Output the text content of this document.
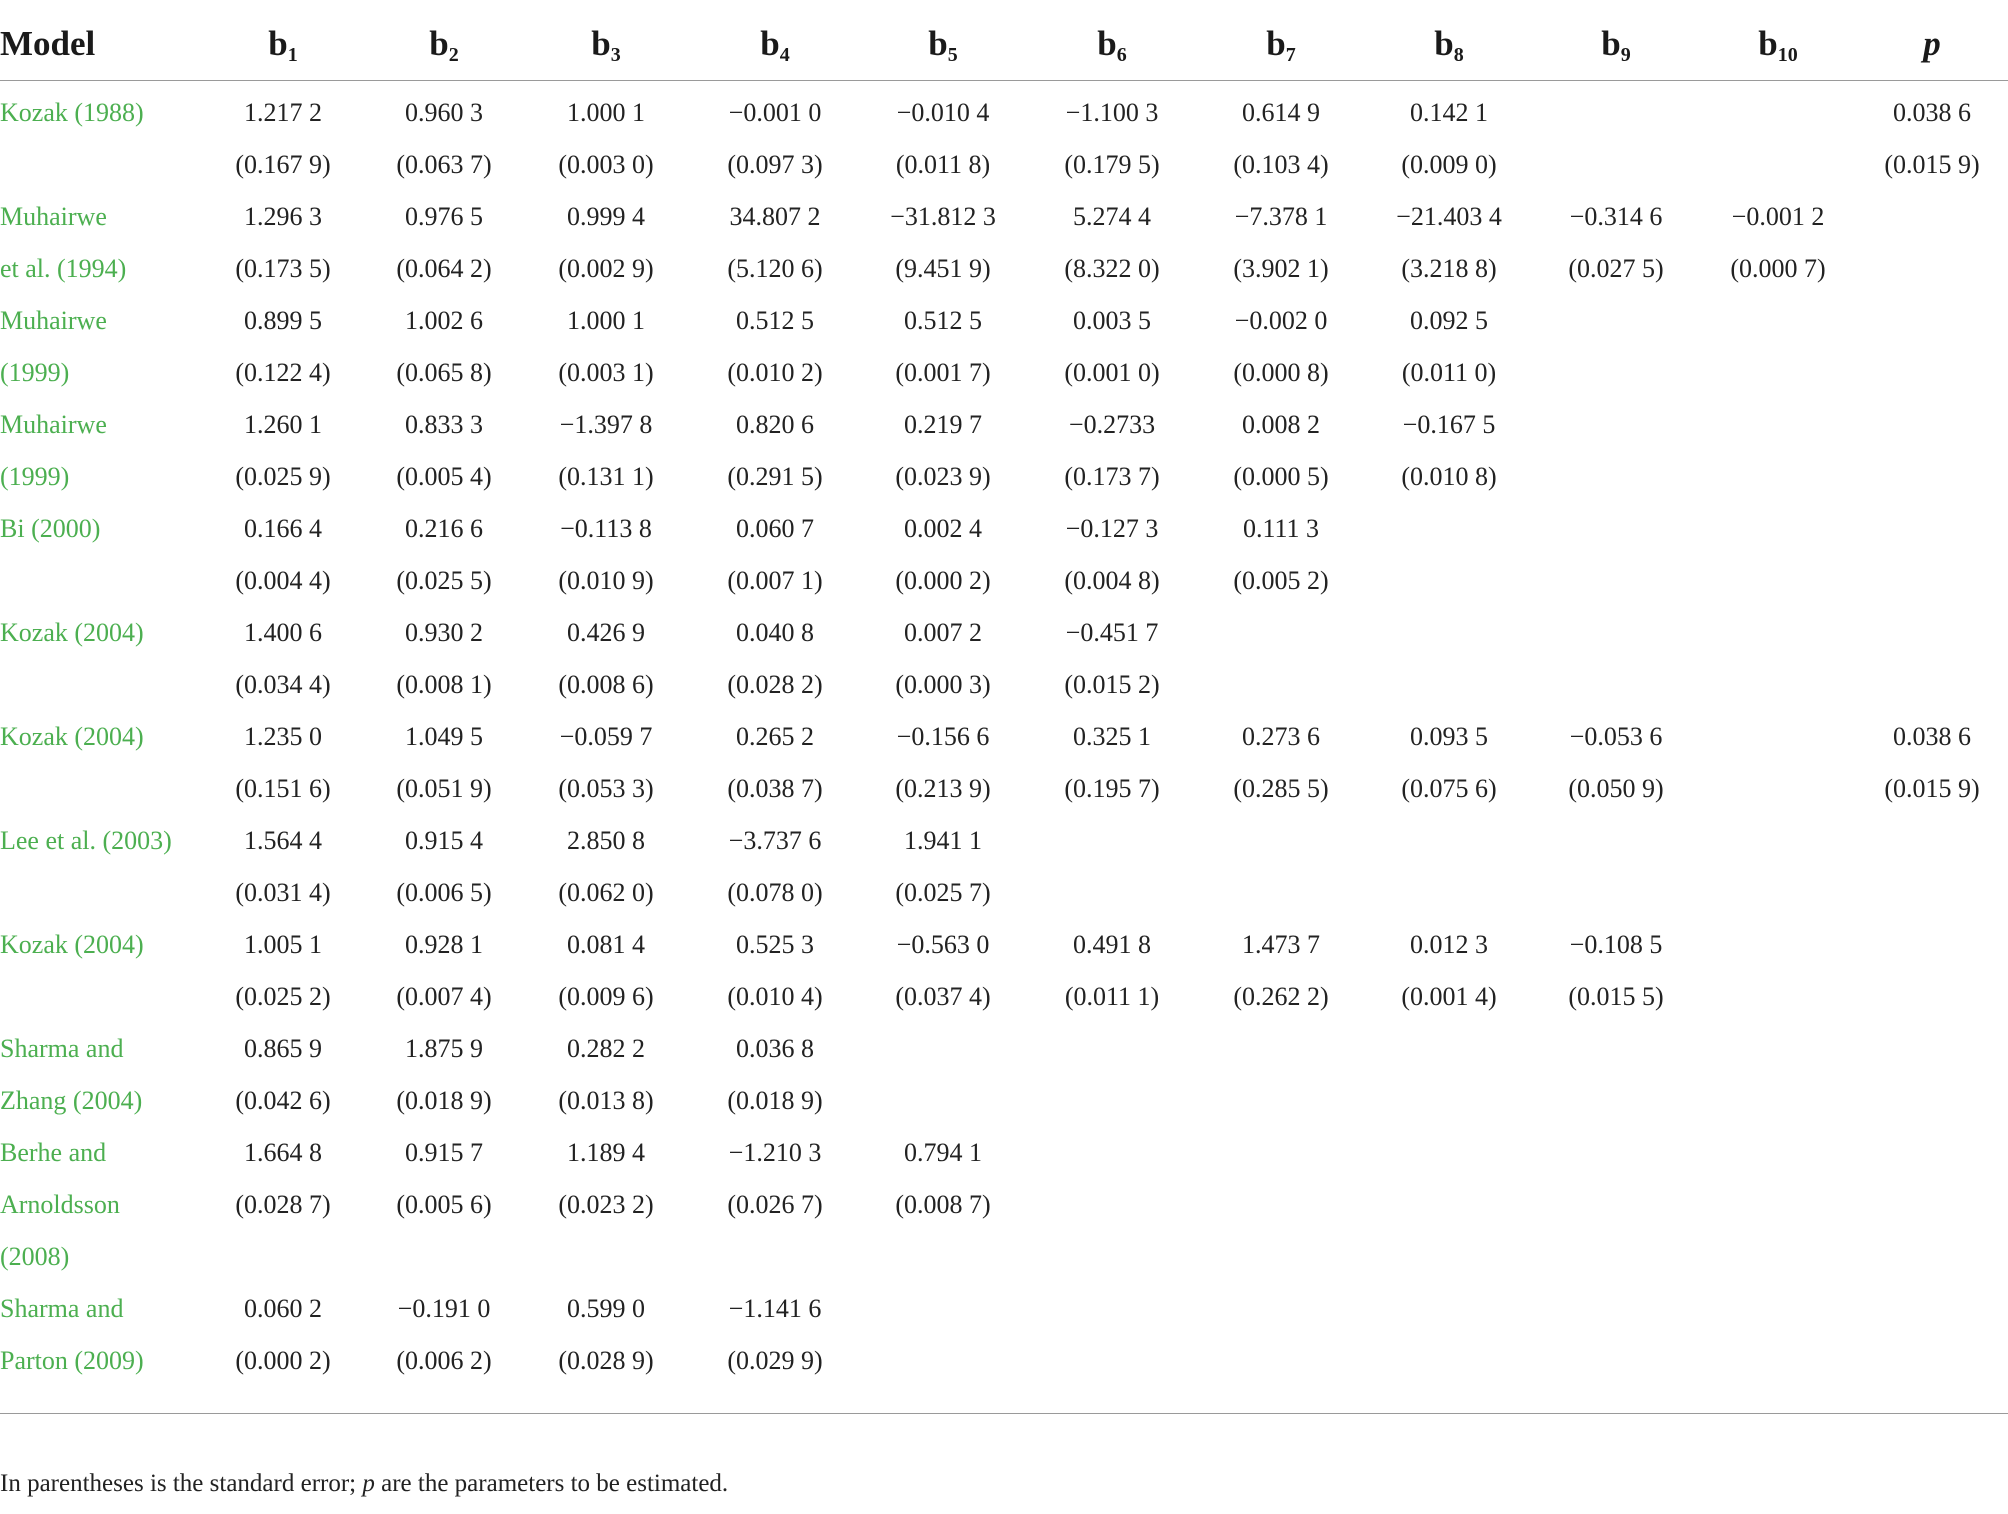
Model	$b_1$	$b_2$	$b_3$	$b_4$	$b_5$	$b_6$	$b_7$	$b_8$	$b_9$	$b_{10}$	p
Kozak (1988)	1.217 2	0.960 3	1.000 1	−0.001 0	−0.010 4	−1.100 3	0.614 9	0.142 1			0.038 6
	(0.167 9)	(0.063 7)	(0.003 0)	(0.097 3)	(0.011 8)	(0.179 5)	(0.103 4)	(0.009 0)			(0.015 9)
Muhairwe	1.296 3	0.976 5	0.999 4	34.807 2	−31.812 3	5.274 4	−7.378 1	−21.403 4	−0.314 6	−0.001 2	
et al. (1994)	(0.173 5)	(0.064 2)	(0.002 9)	(5.120 6)	(9.451 9)	(8.322 0)	(3.902 1)	(3.218 8)	(0.027 5)	(0.000 7)	
Muhairwe	0.899 5	1.002 6	1.000 1	0.512 5	0.512 5	0.003 5	−0.002 0	0.092 5			
(1999)	(0.122 4)	(0.065 8)	(0.003 1)	(0.010 2)	(0.001 7)	(0.001 0)	(0.000 8)	(0.011 0)			
Muhairwe	1.260 1	0.833 3	−1.397 8	0.820 6	0.219 7	−0.2733	0.008 2	−0.167 5			
(1999)	(0.025 9)	(0.005 4)	(0.131 1)	(0.291 5)	(0.023 9)	(0.173 7)	(0.000 5)	(0.010 8)			
Bi (2000)	0.166 4	0.216 6	−0.113 8	0.060 7	0.002 4	−0.127 3	0.111 3				
	(0.004 4)	(0.025 5)	(0.010 9)	(0.007 1)	(0.000 2)	(0.004 8)	(0.005 2)				
Kozak (2004)	1.400 6	0.930 2	0.426 9	0.040 8	0.007 2	−0.451 7					
	(0.034 4)	(0.008 1)	(0.008 6)	(0.028 2)	(0.000 3)	(0.015 2)					
Kozak (2004)	1.235 0	1.049 5	−0.059 7	0.265 2	−0.156 6	0.325 1	0.273 6	0.093 5	−0.053 6		0.038 6
	(0.151 6)	(0.051 9)	(0.053 3)	(0.038 7)	(0.213 9)	(0.195 7)	(0.285 5)	(0.075 6)	(0.050 9)		(0.015 9)
Lee et al. (2003)	1.564 4	0.915 4	2.850 8	−3.737 6	1.941 1						
	(0.031 4)	(0.006 5)	(0.062 0)	(0.078 0)	(0.025 7)						
Kozak (2004)	1.005 1	0.928 1	0.081 4	0.525 3	−0.563 0	0.491 8	1.473 7	0.012 3	−0.108 5		
	(0.025 2)	(0.007 4)	(0.009 6)	(0.010 4)	(0.037 4)	(0.011 1)	(0.262 2)	(0.001 4)	(0.015 5)		
Sharma and	0.865 9	1.875 9	0.282 2	0.036 8							
Zhang (2004)	(0.042 6)	(0.018 9)	(0.013 8)	(0.018 9)							
Berhe and	1.664 8	0.915 7	1.189 4	−1.210 3	0.794 1						
Arnoldsson	(0.028 7)	(0.005 6)	(0.023 2)	(0.026 7)	(0.008 7)						
(2008)											
Sharma and	0.060 2	−0.191 0	0.599 0	−1.141 6							
Parton (2009)	(0.000 2)	(0.006 2)	(0.028 9)	(0.029 9)							

In parentheses is the standard error; p are the parameters to be estimated.
